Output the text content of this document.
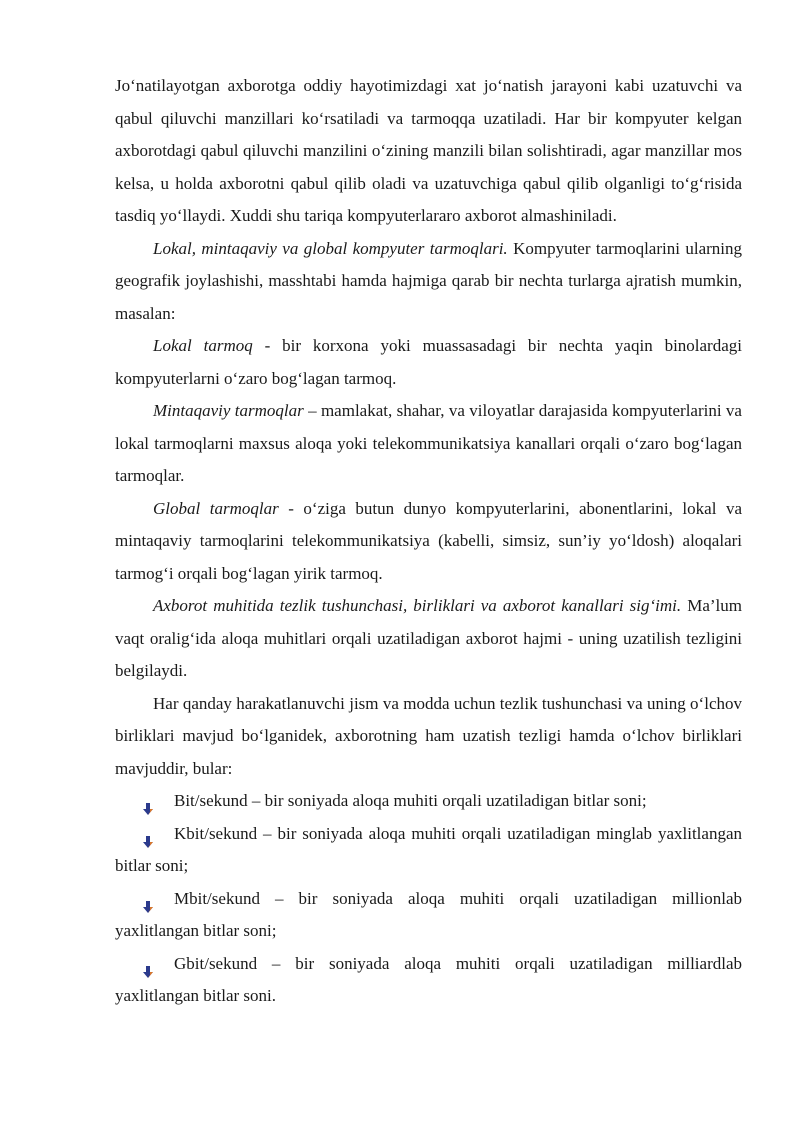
Jo‘natilayotgan axborotga oddiy hayotimizdagi xat jo‘natish jarayoni kabi uzatuvchi va qabul qiluvchi manzillari ko‘rsatiladi va tarmoqqa uzatiladi. Har bir kompyuter kelgan axborotdagi qabul qiluvchi manzilini o‘zining manzili bilan solishtiradi, agar manzillar mos kelsa, u holda axborotni qabul qilib oladi va uzatuvchiga qabul qilib olganligi to‘g‘risida tasdiq yo‘llaydi. Xuddi shu tariqa kompyuterlararo axborot almashiniladi.

Lokal, mintaqaviy va global kompyuter tarmoqlari. Kompyuter tarmoqlarini ularning geografik joylashishi, masshtabi hamda hajmiga qarab bir nechta turlarga ajratish mumkin, masalan:

Lokal tarmoq - bir korxona yoki muassasadagi bir nechta yaqin binolardagi kompyuterlarni o‘zaro bog‘lagan tarmoq.

Mintaqaviy tarmoqlar – mamlakat, shahar, va viloyatlar darajasida kompyuterlarini va lokal tarmoqlarni maxsus aloqa yoki telekommunikatsiya kanallari orqali o‘zaro bog‘lagan tarmoqlar.

Global tarmoqlar - o‘ziga butun dunyo kompyuterlarini, abonentlarini, lokal va mintaqaviy tarmoqlarini telekommunikatsiya (kabelli, simsiz, sun’iy yo‘ldosh) aloqalari tarmog‘i orqali bog‘lagan yirik tarmoq.

Axborot muhitida tezlik tushunchasi, birliklari va axborot kanallari sig‘imi. Ma’lum vaqt oralig‘ida aloqa muhitlari orqali uzatiladigan axborot hajmi - uning uzatilish tezligini belgilaydi.

Har qanday harakatlanuvchi jism va modda uchun tezlik tushunchasi va uning o‘lchov birliklari mavjud bo‘lganidek, axborotning ham uzatish tezligi hamda o‘lchov birliklari mavjuddir, bular:

Bit/sekund – bir soniyada aloqa muhiti orqali uzatiladigan bitlar soni;

Kbit/sekund – bir soniyada aloqa muhiti orqali uzatiladigan minglab yaxlitlangan bitlar soni;

Mbit/sekund – bir soniyada aloqa muhiti orqali uzatiladigan millionlab yaxlitlangan bitlar soni;

Gbit/sekund – bir soniyada aloqa muhiti orqali uzatiladigan milliardlab yaxlitlangan bitlar soni.
